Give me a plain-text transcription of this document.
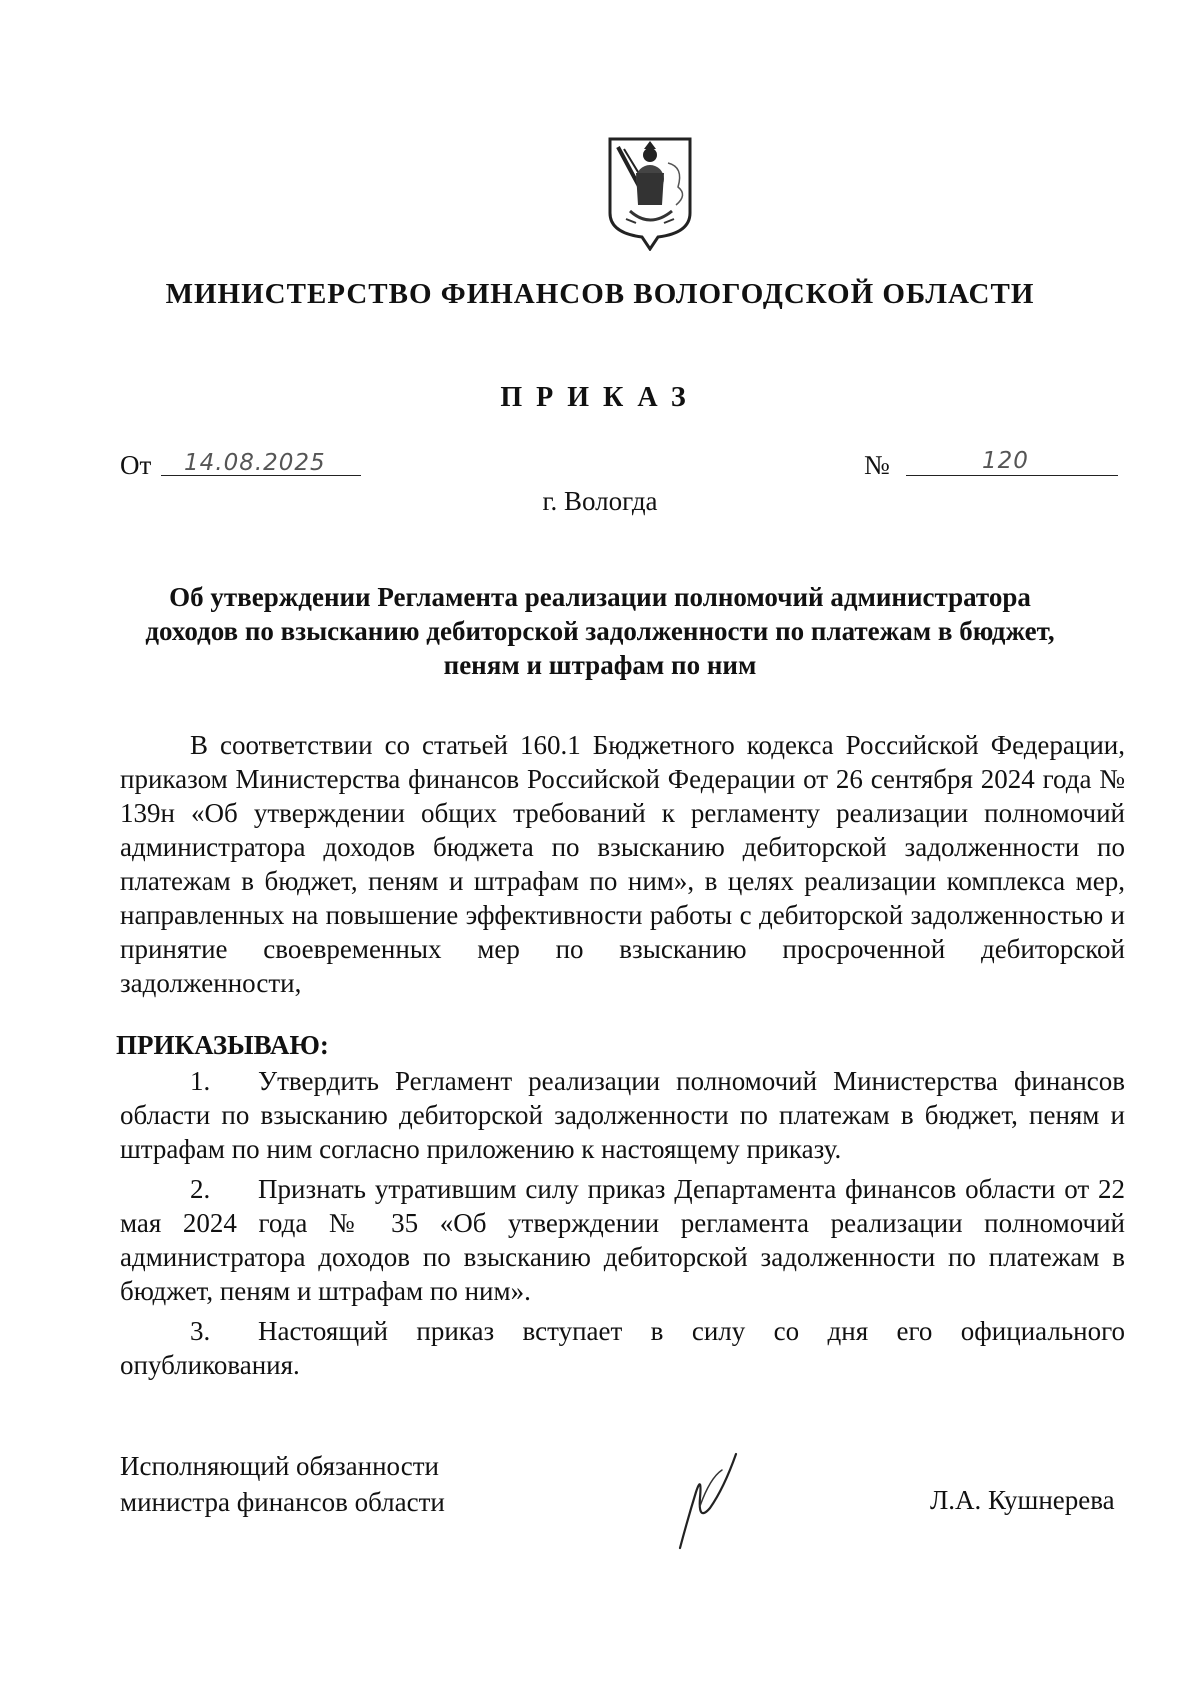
МИНИСТЕРСТВО ФИНАНСОВ ВОЛОГОДСКОЙ ОБЛАСТИ
ПРИКАЗ
От 14.08.2025	№	120
г. Вологда
Об утверждении Регламента реализации полномочий администратора доходов по взысканию дебиторской задолженности по платежам в бюджет, пеням и штрафам по ним
В соответствии со статьей 160.1 Бюджетного кодекса Российской Федерации, приказом Министерства финансов Российской Федерации от 26 сентября 2024 года № 139н «Об утверждении общих требований к регламенту реализации полномочий администратора доходов бюджета по взысканию дебиторской задолженности по платежам в бюджет, пеням и штрафам по ним», в целях реализации комплекса мер, направленных на повышение эффективности работы с дебиторской задолженностью и принятие своевременных мер по взысканию просроченной дебиторской задолженности,
ПРИКАЗЫВАЮ:
1. Утвердить Регламент реализации полномочий Министерства финансов области по взысканию дебиторской задолженности по платежам в бюджет, пеням и штрафам по ним согласно приложению к настоящему приказу.
2. Признать утратившим силу приказ Департамента финансов области от 22 мая 2024 года № 35 «Об утверждении регламента реализации полномочий администратора доходов по взысканию дебиторской задолженности по платежам в бюджет, пеням и штрафам по ним».
3. Настоящий приказ вступает в силу со дня его официального опубликования.
Исполняющий обязанности
министра финансов области	Л.А. Кушнерева
